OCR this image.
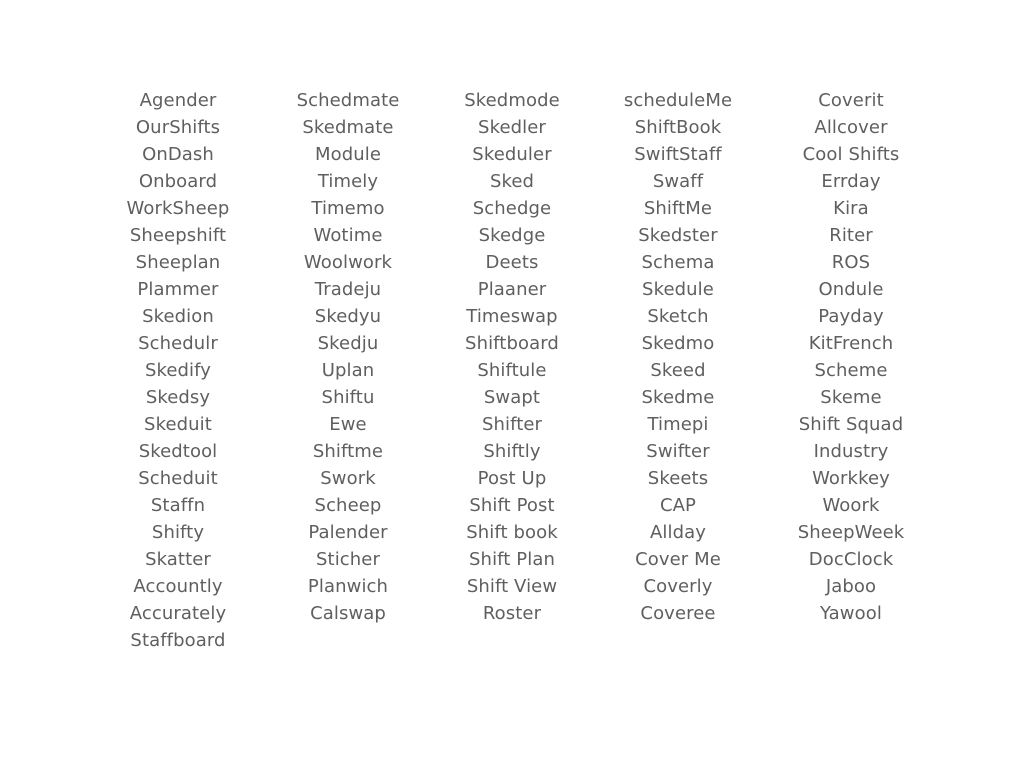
Agender
OurShifts
OnDash
Onboard
WorkSheep
Sheepshift
Sheeplan
Plammer
Skedion
Schedulr
Skedify
Skedsy
Skeduit
Skedtool
Scheduit
Staffn
Shifty
Skatter
Accountly
Accurately
Staffboard
Schedmate
Skedmate
Module
Timely
Timemo
Wotime
Woolwork
Tradeju
Skedyu
Skedju
Uplan
Shiftu
Ewe
Shiftme
Swork
Scheep
Palender
Sticher
Planwich
Calswap
Skedmode
Skedler
Skeduler
Sked
Schedge
Skedge
Deets
Plaaner
Timeswap
Shiftboard
Shiftule
Swapt
Shifter
Shiftly
Post Up
Shift Post
Shift book
Shift Plan
Shift View
Roster
scheduleMe
ShiftBook
SwiftStaff
Swaff
ShiftMe
Skedster
Schema
Skedule
Sketch
Skedmo
Skeed
Skedme
Timepi
Swifter
Skeets
CAP
Allday
Cover Me
Coverly
Coveree
Coverit
Allcover
Cool Shifts
Errday
Kira
Riter
ROS
Ondule
Payday
KitFrench
Scheme
Skeme
Shift Squad
Industry
Workkey
Woork
SheepWeek
DocClock
Jaboo
Yawool
